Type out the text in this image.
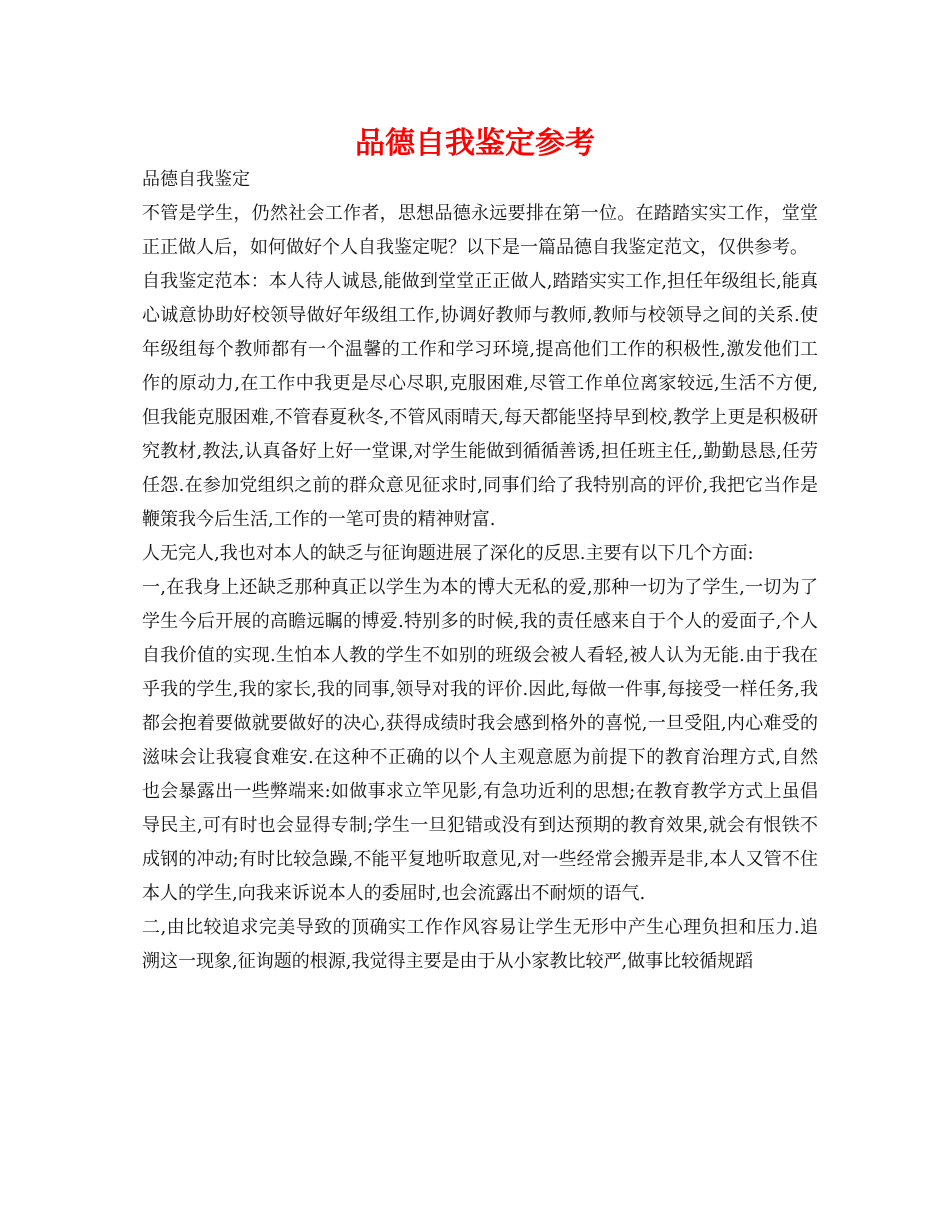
品德自我鉴定参考

品德自我鉴定

不管是学生，仍然社会工作者，思想品德永远要排在第一位。在踏踏实实工作，堂堂正正做人后，如何做好个人自我鉴定呢？以下是一篇品德自我鉴定范文，仅供参考。

自我鉴定范本：本人待人诚恳,能做到堂堂正正做人,踏踏实实工作,担任年级组长,能真心诚意协助好校领导做好年级组工作,协调好教师与教师,教师与校领导之间的关系.使年级组每个教师都有一个温馨的工作和学习环境,提高他们工作的积极性,激发他们工作的原动力,在工作中我更是尽心尽职,克服困难,尽管工作单位离家较远,生活不方便,但我能克服困难,不管春夏秋冬,不管风雨晴天,每天都能坚持早到校,教学上更是积极研究教材,教法,认真备好上好一堂课,对学生能做到循循善诱,担任班主任,,勤勤恳恳,任劳任怨.在参加党组织之前的群众意见征求时,同事们给了我特别高的评价,我把它当作是鞭策我今后生活,工作的一笔可贵的精神财富.

人无完人,我也对本人的缺乏与征询题进展了深化的反思.主要有以下几个方面:

一,在我身上还缺乏那种真正以学生为本的博大无私的爱,那种一切为了学生,一切为了学生今后开展的高瞻远瞩的博爱.特别多的时候,我的责任感来自于个人的爱面子,个人自我价值的实现.生怕本人教的学生不如别的班级会被人看轻,被人认为无能.由于我在乎我的学生,我的家长,我的同事,领导对我的评价.因此,每做一件事,每接受一样任务,我都会抱着要做就要做好的决心,获得成绩时我会感到格外的喜悦,一旦受阻,内心难受的滋味会让我寝食难安.在这种不正确的以个人主观意愿为前提下的教育治理方式,自然也会暴露出一些弊端来:如做事求立竿见影,有急功近利的思想;在教育教学方式上虽倡导民主,可有时也会显得专制;学生一旦犯错或没有到达预期的教育效果,就会有恨铁不成钢的冲动;有时比较急躁,不能平复地听取意见,对一些经常会搬弄是非,本人又管不住本人的学生,向我来诉说本人的委屈时,也会流露出不耐烦的语气.

二,由比较追求完美导致的顶确实工作作风容易让学生无形中产生心理负担和压力.追溯这一现象,征询题的根源,我觉得主要是由于从小家教比较严,做事比较循规蹈
